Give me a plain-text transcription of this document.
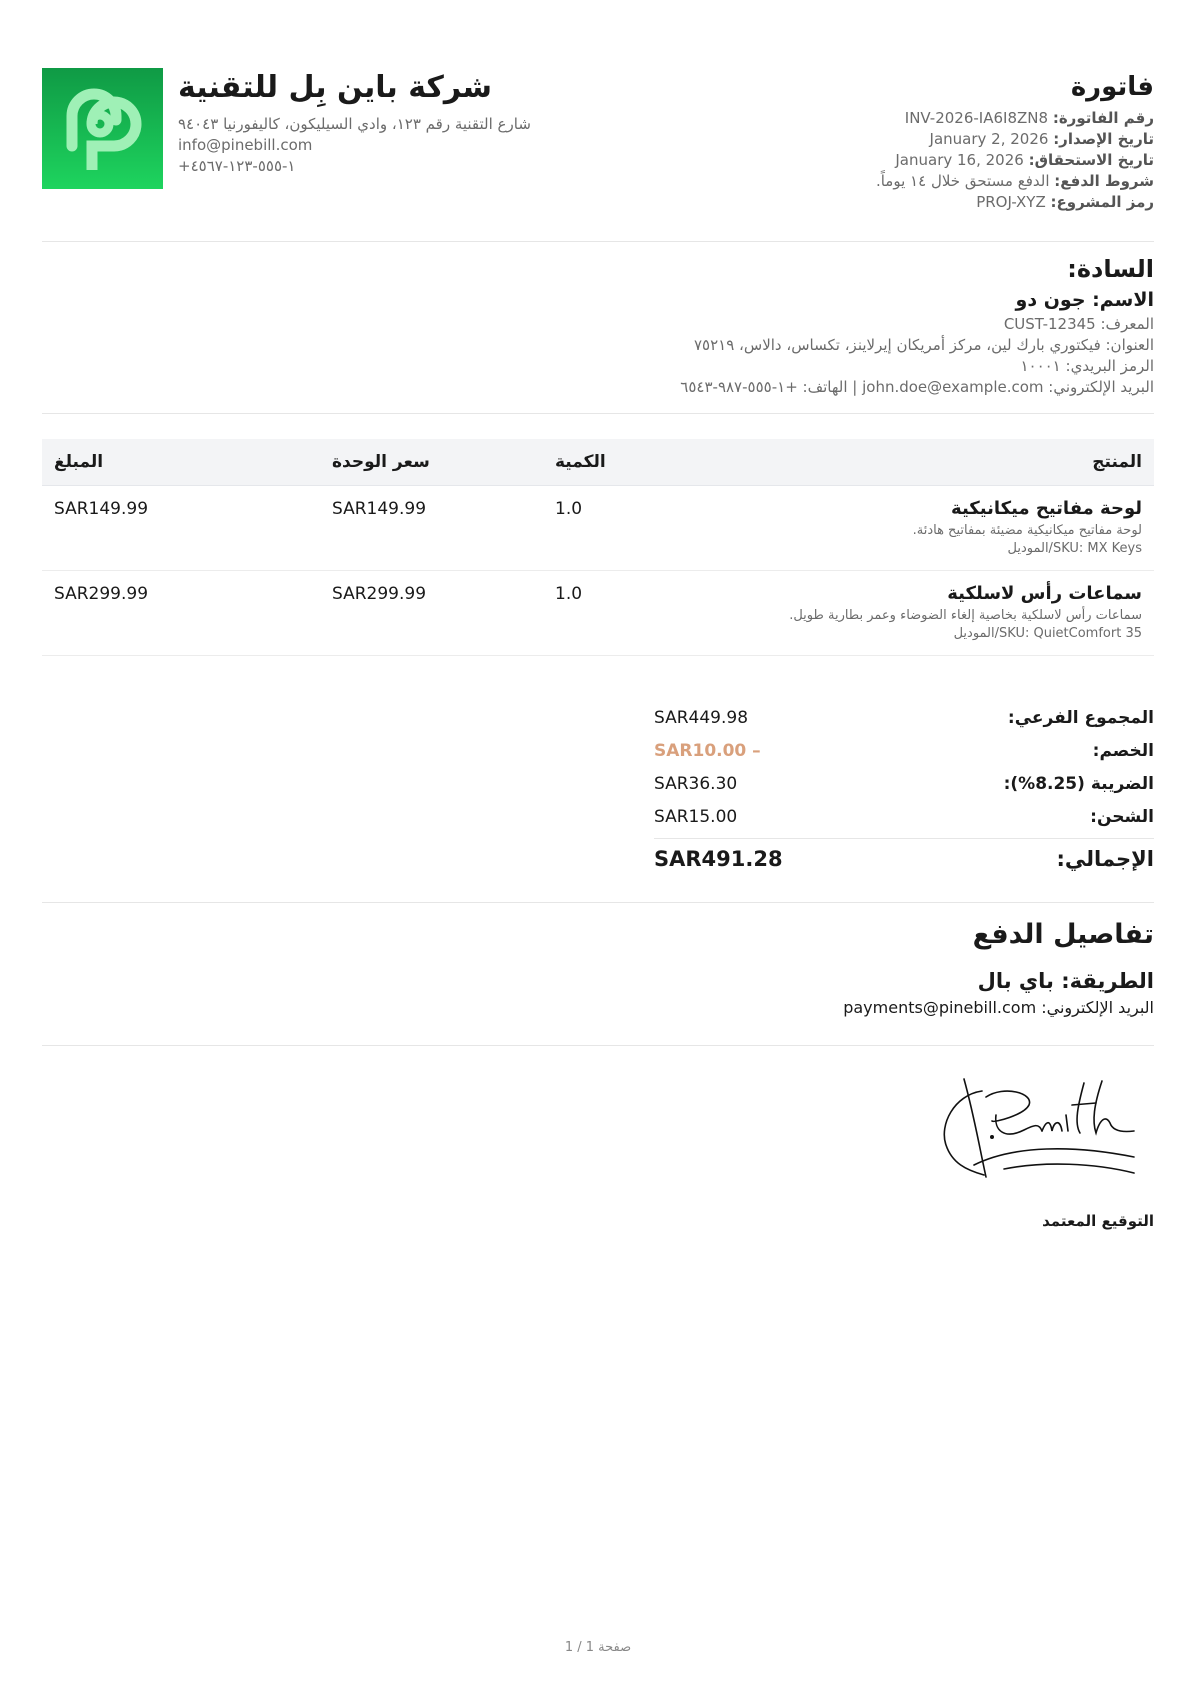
شركة باين بِل للتقنية
شارع التقنية رقم ١٢٣، وادي السيليكون، كاليفورنيا ٩٤٠٤٣
info@pinebill.com
+١-٥٥٥-١٢٣-٤٥٦٧
فاتورة
رقم الفاتورة: INV-2026-IA6I8ZN8
تاريخ الإصدار: January 2, 2026
تاريخ الاستحقاق: January 16, 2026
شروط الدفع: الدفع مستحق خلال ١٤ يوماً.
رمز المشروع: PROJ-XYZ
السادة:
الاسم: جون دو
المعرف: CUST-12345
العنوان: فيكتوري بارك لين، مركز أمريكان إيرلاينز، تكساس، دالاس، ٧٥٢١٩
الرمز البريدي: ١٠٠٠١
البريد الإلكتروني: john.doe@example.com | الهاتف: +١-٥٥٥-٩٨٧-٦٥٤٣
المبلغ	سعر الوحدة	الكمية	المنتج
SAR149.99	SAR149.99	1.0	لوحة مفاتيح ميكانيكية
لوحة مفاتيح ميكانيكية مضيئة بمفاتيح هادئة.
SKU: MX Keys/الموديل
SAR299.99	SAR299.99	1.0	سماعات رأس لاسلكية
سماعات رأس لاسلكية بخاصية إلغاء الضوضاء وعمر بطارية طويل.
SKU: QuietComfort 35/الموديل
المجموع الفرعي:
SAR449.98
الخصم:
SAR10.00 –
الضريبة (8.25%):
SAR36.30
الشحن:
SAR15.00
الإجمالي:
SAR491.28
تفاصيل الدفع
الطريقة: باي بال
البريد الإلكتروني: payments@pinebill.com
التوقيع المعتمد
صفحة 1 / 1
